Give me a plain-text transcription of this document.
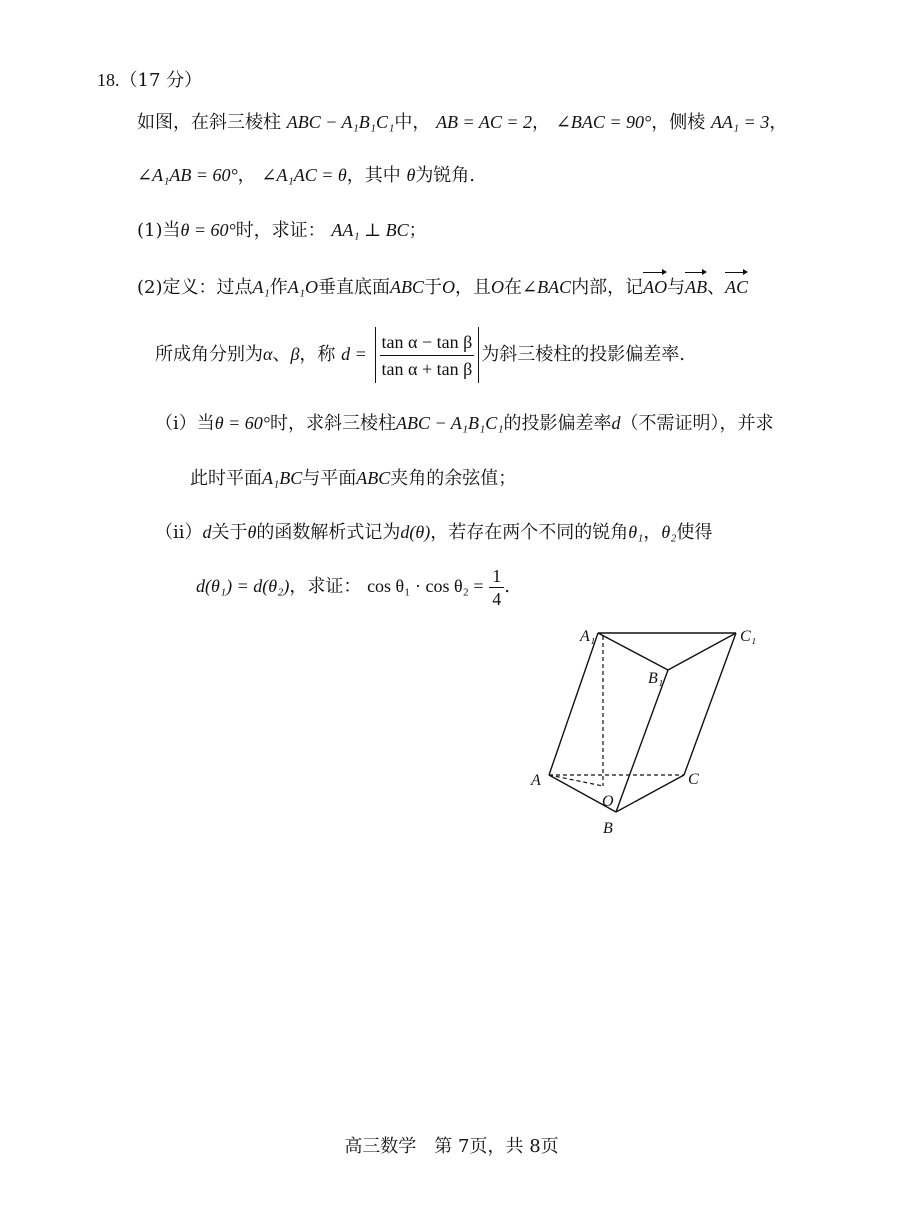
18.（17 分）
如图，在斜三棱柱 ABC − A₁B₁C₁中， AB = AC = 2， ∠BAC = 90°，侧棱 AA₁ = 3，
∠A₁AB = 60°， ∠A₁AC = θ，其中 θ为锐角.
(1)当θ = 60°时，求证： AA₁ ⊥ BC；
(2)定义：过点A₁作A₁O垂直底面ABC于O，且O在∠BAC内部，记AO与AB、AC
所成角分别为α、β，称 $d = \frac{\text{tan α − tan β}}{\text{tan α + tan β}}$ 为斜三棱柱的投影偏差率.
（i）当θ = 60°时，求斜三棱柱ABC − A₁B₁C₁的投影偏差率d（不需证明），并求
此时平面A₁BC与平面ABC夹角的余弦值；
（ii）d关于θ的函数解析式记为d(θ)，若存在两个不同的锐角θ₁，θ₂使得
d(θ₁) = d(θ₂)，求证： $\cos \theta_1 \cdot \cos \theta_2 = \frac{1}{4}$ .
A₁	C₁
B₁
A	C
O
B
高三数学　第 7页，共 8页
